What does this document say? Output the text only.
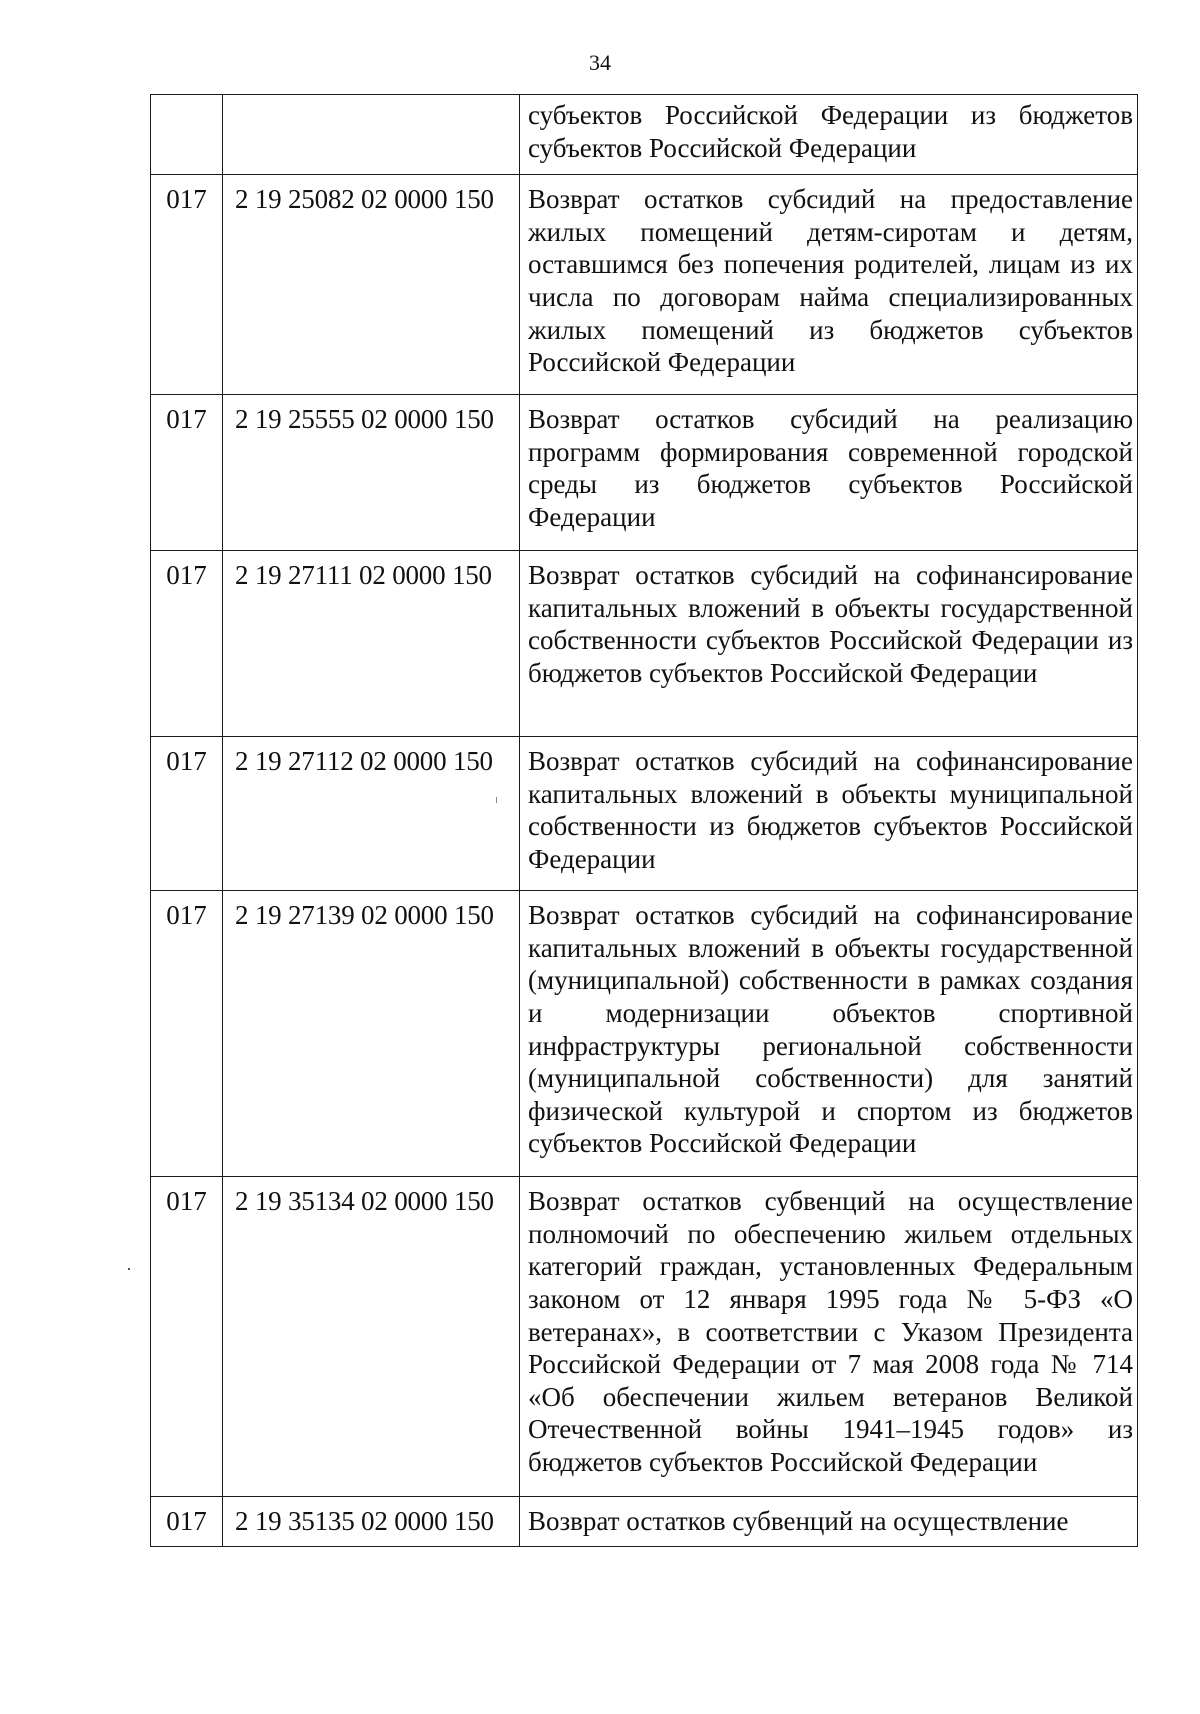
34
		субъектов Российской Федерации из бюджетов субъектов Российской Федерации
017	2 19 25082 02 0000 150	Возврат остатков субсидий на предоставление жилых помещений детям-сиротам и детям, оставшимся без попечения родителей, лицам из их числа по договорам найма специализированных жилых помещений из бюджетов субъектов Российской Федерации
017	2 19 25555 02 0000 150	Возврат остатков субсидий на реализацию программ формирования современной городской среды из бюджетов субъектов Российской Федерации
017	2 19 27111 02 0000 150	Возврат остатков субсидий на софинансирование капитальных вложений в объекты государственной собственности субъектов Российской Федерации из бюджетов субъектов Российской Федерации
017	2 19 27112 02 0000 150	Возврат остатков субсидий на софинансирование капитальных вложений в объекты муниципальной собственности из бюджетов субъектов Российской Федерации
017	2 19 27139 02 0000 150	Возврат остатков субсидий на софинансирование капитальных вложений в объекты государственной (муниципальной) собственности в рамках создания и модернизации объектов спортивной инфраструктуры региональной собственности (муниципальной собственности) для занятий физической культурой и спортом из бюджетов субъектов Российской Федерации
017	2 19 35134 02 0000 150	Возврат остатков субвенций на осуществление полномочий по обеспечению жильем отдельных категорий граждан, установленных Федеральным законом от 12 января 1995 года № 5-ФЗ «О ветеранах», в соответствии с Указом Президента Российской Федерации от 7 мая 2008 года № 714 «Об обеспечении жильем ветеранов Великой Отечественной войны 1941–1945 годов» из бюджетов субъектов Российской Федерации
017	2 19 35135 02 0000 150	Возврат остатков субвенций на осуществление
